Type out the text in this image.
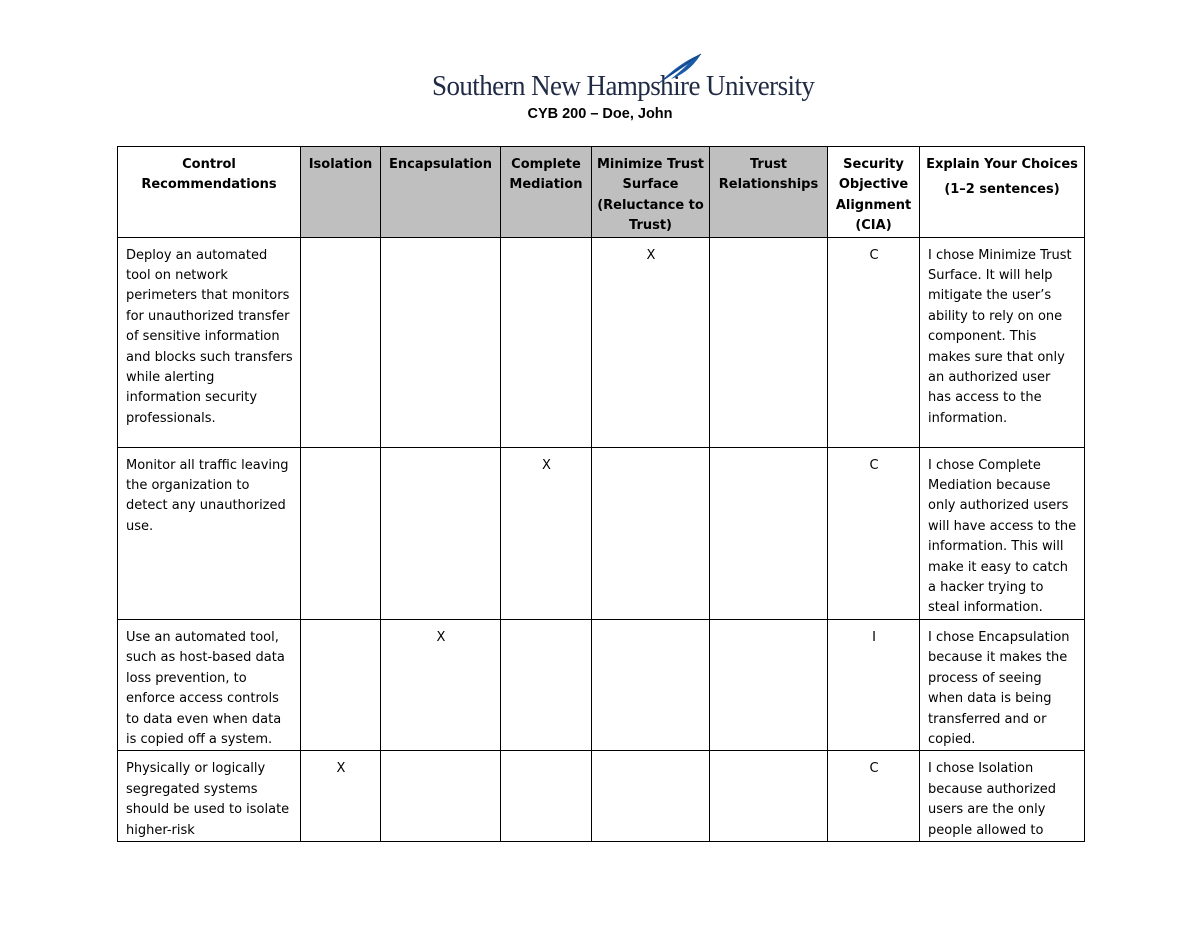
Southern New Hampshire University
CYB 200 – Doe, John
Control Recommendations	Isolation	Encapsulation	Complete Mediation	Minimize Trust Surface (Reluctance to Trust)	Trust Relationships	Security Objective Alignment (CIA)	Explain Your Choices
(1–2 sentences)

Deploy an automated tool on network perimeters that monitors for unauthorized transfer of sensitive information and blocks such transfers while alerting information security professionals.				X		C	I chose Minimize Trust Surface. It will help mitigate the user’s ability to rely on one component. This makes sure that only an authorized user has access to the information.
Monitor all traffic leaving the organization to detect any unauthorized use.			X			C	I chose Complete Mediation because only authorized users will have access to the information. This will make it easy to catch a hacker trying to steal information.
Use an automated tool, such as host-based data loss prevention, to enforce access controls to data even when data is copied off a system.		X				I	I chose Encapsulation because it makes the process of seeing when data is being transferred and or copied.
Physically or logically segregated systems should be used to isolate higher-risk	X					C	I chose Isolation because authorized users are the only people allowed to
